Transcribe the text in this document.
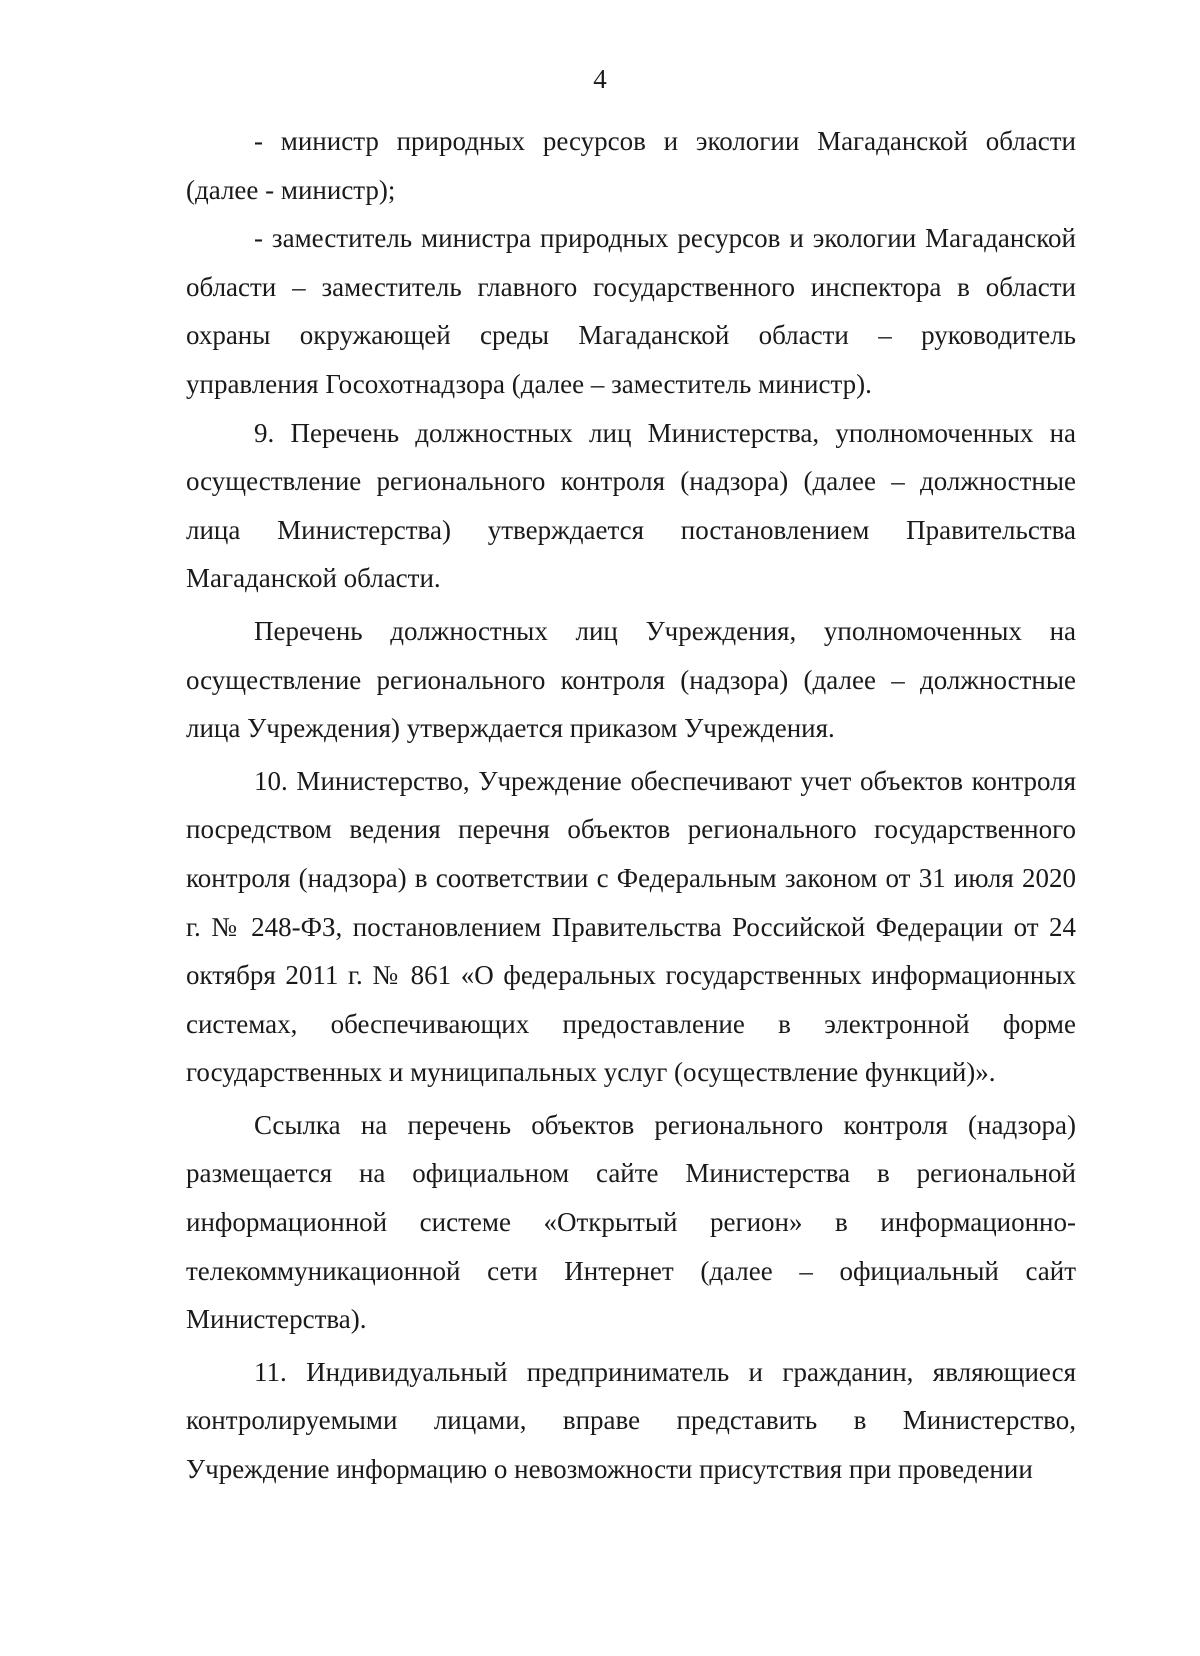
4

- министр природных ресурсов и экологии Магаданской области (далее - министр);

- заместитель министра природных ресурсов и экологии Магаданской области – заместитель главного государственного инспектора в области охраны окружающей среды Магаданской области – руководитель управления Госохотнадзора (далее – заместитель министр).

9. Перечень должностных лиц Министерства, уполномоченных на осуществление регионального контроля (надзора) (далее – должностные лица Министерства) утверждается постановлением Правительства Магаданской области.

Перечень должностных лиц Учреждения, уполномоченных на осуществление регионального контроля (надзора) (далее – должностные лица Учреждения) утверждается приказом Учреждения.

10. Министерство, Учреждение обеспечивают учет объектов контроля посредством ведения перечня объектов регионального государственного контроля (надзора) в соответствии с Федеральным законом от 31 июля 2020 г. № 248-ФЗ, постановлением Правительства Российской Федерации от 24 октября 2011 г. № 861 «О федеральных государственных информационных системах, обеспечивающих предоставление в электронной форме государственных и муниципальных услуг (осуществление функций)».

Ссылка на перечень объектов регионального контроля (надзора) размещается на официальном сайте Министерства в региональной информационной системе «Открытый регион» в информационно-телекоммуникационной сети Интернет (далее – официальный сайт Министерства).

11. Индивидуальный предприниматель и гражданин, являющиеся контролируемыми лицами, вправе представить в Министерство, Учреждение информацию о невозможности присутствия при проведении
